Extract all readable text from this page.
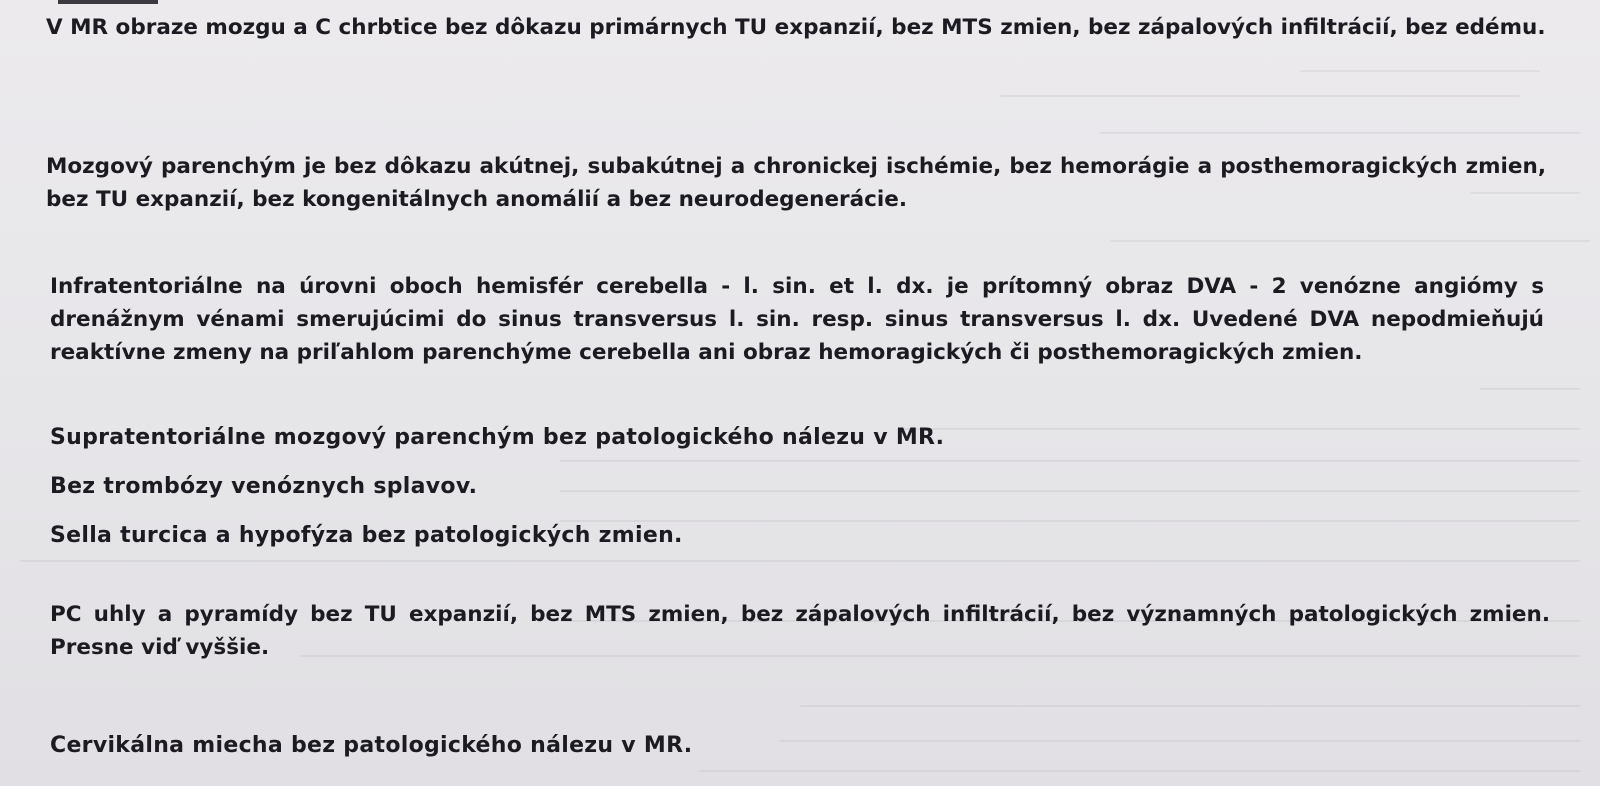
V MR obraze mozgu a C chrbtice bez dôkazu primárnych TU expanzií, bez MTS zmien, bez zápalových infiltrácií, bez edému.

Mozgový parenchým je bez dôkazu akútnej, subakútnej a chronickej ischémie, bez hemorágie a posthemoragických zmien, bez TU expanzií, bez kongenitálnych anomálií a bez neurodegenerácie.

Infratentoriálne na úrovni oboch hemisfér cerebella - l. sin. et l. dx. je prítomný obraz DVA - 2 venózne angiómy s drenážnym vénami smerujúcimi do sinus transversus l. sin. resp. sinus transversus l. dx. Uvedené DVA nepodmieňujú reaktívne zmeny na priľahlom parenchýme cerebella ani obraz hemoragických či posthemoragických zmien.

Supratentoriálne mozgový parenchým bez patologického nálezu v MR.

Bez trombózy venóznych splavov.

Sella turcica a hypofýza bez patologických zmien.

PC uhly a pyramídy bez TU expanzií, bez MTS zmien, bez zápalových infiltrácií, bez významných patologických zmien. Presne viď vyššie.

Cervikálna miecha bez patologického nálezu v MR.
